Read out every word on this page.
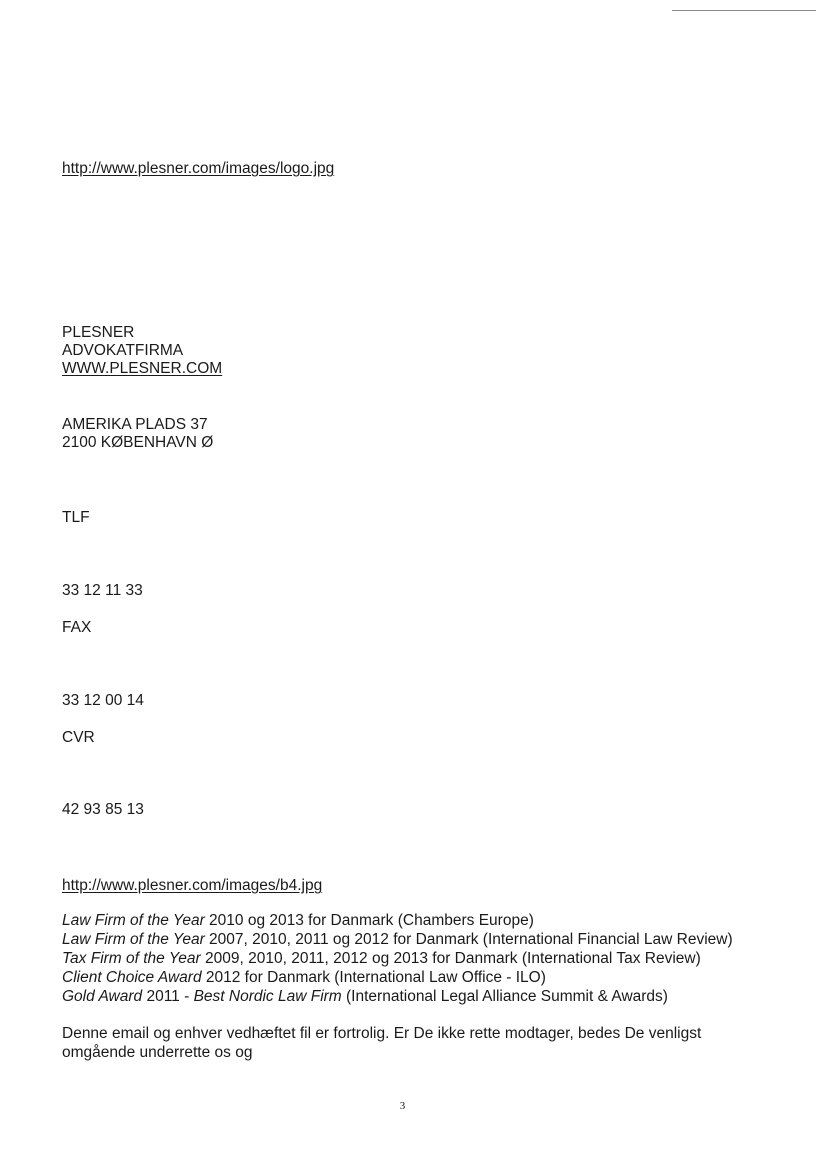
http://www.plesner.com/images/logo.jpg
PLESNER
ADVOKATFIRMA
WWW.PLESNER.COM
AMERIKA PLADS 37
2100 KØBENHAVN Ø
TLF
33 12 11 33
FAX
33 12 00 14
CVR
42 93 85 13
http://www.plesner.com/images/b4.jpg
Law Firm of the Year 2010 og 2013 for Danmark (Chambers Europe)
Law Firm of the Year 2007, 2010, 2011 og 2012 for Danmark (International Financial Law Review)
Tax Firm of the Year 2009, 2010, 2011, 2012 og 2013 for Danmark (International Tax Review)
Client Choice Award 2012 for Danmark (International Law Office - ILO)
Gold Award 2011 - Best Nordic Law Firm (International Legal Alliance Summit & Awards)
Denne email og enhver vedhæftet fil er fortrolig. Er De ikke rette modtager, bedes De venligst omgående underrette os og
3
